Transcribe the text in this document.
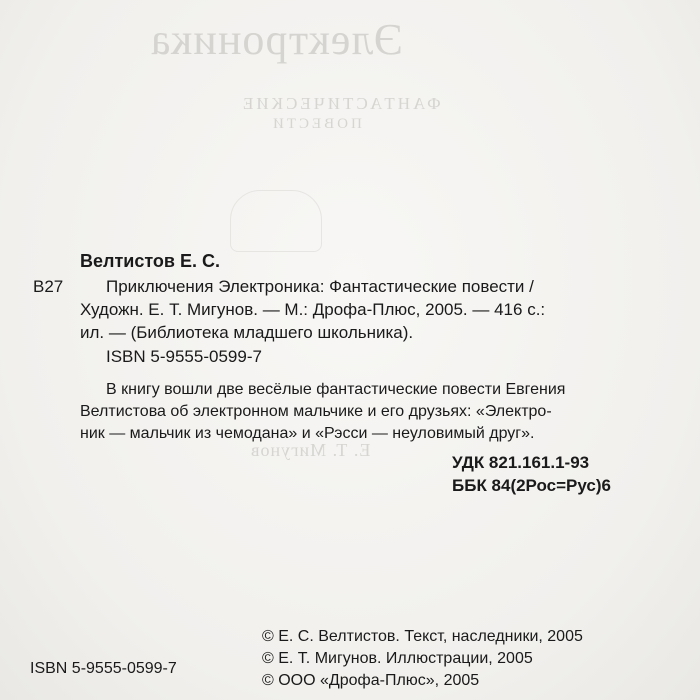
Электроника
ФАНТАСТИЧЕСКИЕ
ПОВЕСТИ
Е. Т. Мигунов
Велтистов Е. С.
В27	Приключения Электроника: Фантастические повести /
Художн. Е. Т. Мигунов. — М.: Дрофа-Плюс, 2005. — 416 с.:
ил. — (Библиотека младшего школьника).
ISBN 5-9555-0599-7
В книгу вошли две весёлые фантастические повести Евгения
Велтистова об электронном мальчике и его друзьях: «Электро-
ник — мальчик из чемодана» и «Рэсси — неуловимый друг».
УДК 821.161.1-93
ББК 84(2Рос=Рус)6
ISBN 5-9555-0599-7
© Е. С. Велтистов. Текст, наследники, 2005
© Е. Т. Мигунов. Иллюстрации, 2005
© ООО «Дрофа-Плюс», 2005
